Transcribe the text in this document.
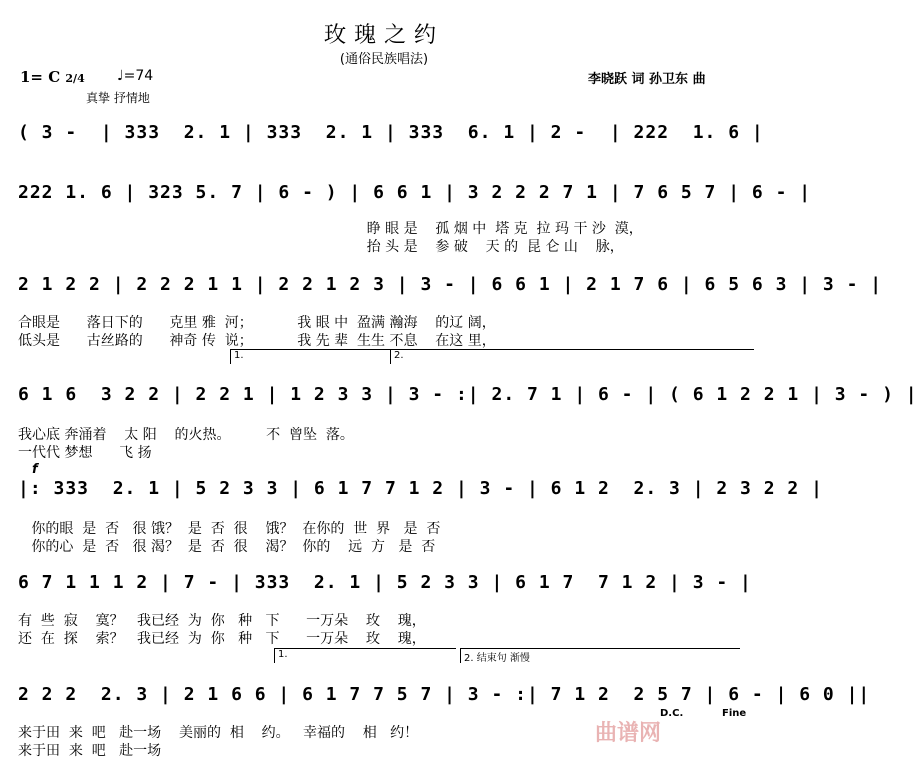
玫瑰之约
(通俗民族唱法)
1= C 2/4 ♩=74
真挚 抒情地
李晓跃 词 孙卫东 曲
( 3 -  | 333  2. 1 | 333  2. 1 | 333  6. 1 | 2 -  | 222  1. 6 |
222 1. 6 | 323 5. 7 | 6 - ) | 6 6 1 | 3 2 2 2 7 1 | 7 6 5 7 | 6 - |
睁 眼 是    孤 烟 中  塔 克  拉 玛 干 沙  漠，
抬 头 是    参 破    天 的  昆 仑 山    脉，
2 1 2 2 | 2 2 2 1 1 | 2 2 1 2 3 | 3 - | 6 6 1 | 2 1 7 6 | 6 5 6 3 | 3 - |
合眼是      落日下的      克里 雅  河；          我 眼 中  盈满 瀚海    的辽 阔，
低头是      古丝路的      神奇 传  说；          我 先 辈  生生 不息    在这 里，
1.	2.
6 1 6  3 2 2 | 2 2 1 | 1 2 3 3 | 3 - :| 2. 7 1 | 6 - | ( 6 1 2 2 1 | 3 - ) |
我心底 奔涌着    太 阳    的火热。        不  曾坠  落。
一代代 梦想      飞 扬
f
|: 333  2. 1 | 5 2 3 3 | 6 1 7 7 1 2 | 3 - | 6 1 2  2. 3 | 2 3 2 2 |
你的眼  是  否   很 饿？  是  否  很    饿？  在你的  世  界   是  否
你的心  是  否   很 渴？  是  否  很    渴？  你的    远  方   是  否
6 7 1 1 1 2 | 7 - | 333  2. 1 | 5 2 3 3 | 6 1 7  7 1 2 | 3 - |
有  些  寂    寞？   我已经  为  你   种   下      一万朵    玫    瑰，
还  在  探    索？   我已经  为  你   种   下      一万朵    玫    瑰，
1.	2. 结束句 渐慢
2 2 2  2. 3 | 2 1 6 6 | 6 1 7 7 5 7 | 3 - :| 7 1 2  2 5 7 | 6 - | 6 0 ||
D.C.	Fine
来于田  来  吧   赴一场    美丽的  相    约。   幸福的    相   约！
来于田  来  吧   赴一场
曲谱网
